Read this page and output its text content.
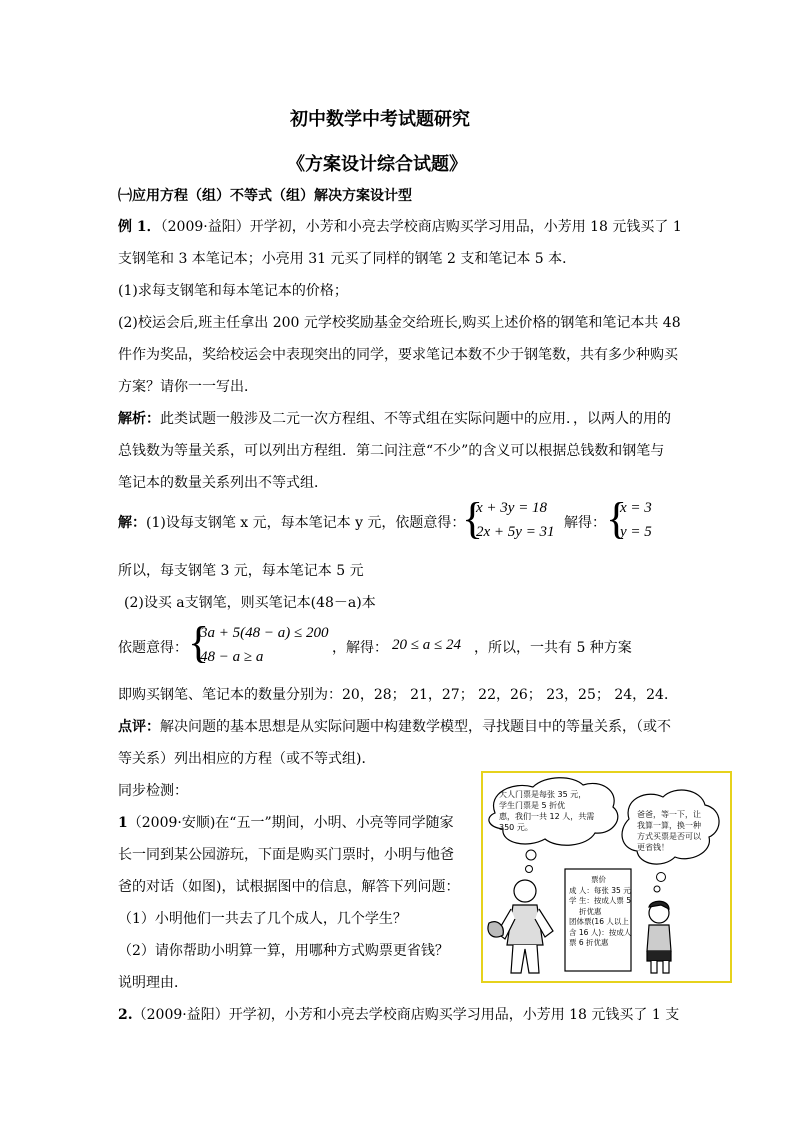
初中数学中考试题研究
《方案设计综合试题》
㈠应用方程（组）不等式（组）解决方案设计型
例 1．（2009·益阳）开学初，小芳和小亮去学校商店购买学习用品，小芳用 18 元钱买了 1
支钢笔和 3 本笔记本；小亮用 31 元买了同样的钢笔 2 支和笔记本 5 本．
(1)求每支钢笔和每本笔记本的价格；
(2)校运会后,班主任拿出 200 元学校奖励基金交给班长,购买上述价格的钢笔和笔记本共 48
件作为奖品，奖给校运会中表现突出的同学，要求笔记本数不少于钢笔数，共有多少种购买
方案？请你一一写出．
解析：此类试题一般涉及二元一次方程组、不等式组在实际问题中的应用．，以两人的用的
总钱数为等量关系，可以列出方程组．第二问注意“不少”的含义可以根据总钱数和钢笔与
笔记本的数量关系列出不等式组．
解：(1)设每支钢笔 x 元，每本笔记本 y 元，依题意得：
{
x + 3y = 18
2x + 5y = 31
解得： {
x = 3
y = 5
所以，每支钢笔 3 元，每本笔记本 5 元
(2)设买 a支钢笔，则买笔记本(48－a)本
依题意得： {
3a + 5(48 − a) ≤ 200
48 − a ≥ a
，解得： 20 ≤ a ≤ 24 ，所以，一共有 5 种方案
即购买钢笔、笔记本的数量分别为：20，28； 21，27； 22，26； 23，25； 24，24．
点评：解决问题的基本思想是从实际问题中构建数学模型，寻找题目中的等量关系，（或不
等关系）列出相应的方程（或不等式组)．
同步检测：
1（2009·安顺)在“五一”期间，小明、小亮等同学随家
长一同到某公园游玩，下面是购买门票时，小明与他爸
爸的对话（如图)，试根据图中的信息，解答下列问题：
（1）小明他们一共去了几个成人，几个学生？
（2）请你帮助小明算一算，用哪种方式购票更省钱？
说明理由．
2.（2009·益阳）开学初，小芳和小亮去学校商店购买学习用品，小芳用 18 元钱买了 1 支
大人门票是每张 35 元，
学生门票是 5 折优
惠，我们一共 12 人，共需
350 元。
爸爸，等一下，让
我算一算，换一种
方式买票是否可以
更省钱！
票价
成 人：每张 35 元
学 生：按成人票 5
折优惠
团体票(16 人以上
含 16 人)：按成人
票 6 折优惠
